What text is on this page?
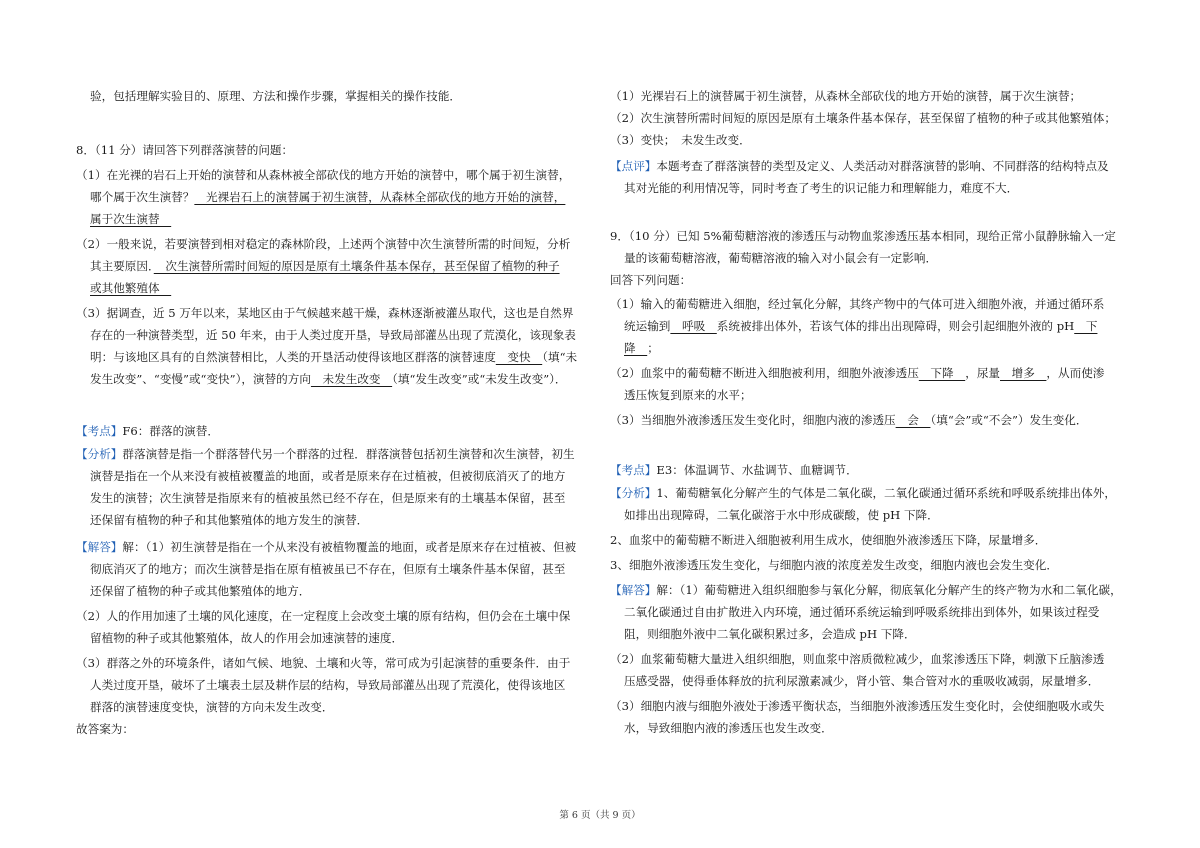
验，包括理解实验目的、原理、方法和操作步骤，掌握相关的操作技能．
8．（11 分）请回答下列群落演替的问题：
（1）在光裸的岩石上开始的演替和从森林被全部砍伐的地方开始的演替中，哪个属于初生演替，
哪个属于次生演替？　光裸岩石上的演替属于初生演替，从森林全部砍伐的地方开始的演替，
属于次生演替　
（2）一般来说，若要演替到相对稳定的森林阶段，上述两个演替中次生演替所需的时间短，分析
其主要原因．　次生演替所需时间短的原因是原有土壤条件基本保存，甚至保留了植物的种子
或其他繁殖体　
（3）据调查，近 5 万年以来，某地区由于气候越来越干燥，森林逐渐被灌丛取代，这也是自然界
存在的一种演替类型，近 50 年来，由于人类过度开垦，导致局部灌丛出现了荒漠化，该现象表
明：与该地区具有的自然演替相比，人类的开垦活动使得该地区群落的演替速度　变快　（填“未
发生改变”、“变慢”或“变快”），演替的方向　未发生改变　（填“发生改变”或“未发生改变”）．
【考点】F6：群落的演替．
【分析】群落演替是指一个群落替代另一个群落的过程．群落演替包括初生演替和次生演替，初生
演替是指在一个从来没有被植被覆盖的地面，或者是原来存在过植被，但被彻底消灭了的地方
发生的演替；次生演替是指原来有的植被虽然已经不存在，但是原来有的土壤基本保留，甚至
还保留有植物的种子和其他繁殖体的地方发生的演替．
【解答】解：（1）初生演替是指在一个从来没有被植物覆盖的地面，或者是原来存在过植被、但被
彻底消灭了的地方；而次生演替是指在原有植被虽已不存在，但原有土壤条件基本保留，甚至
还保留了植物的种子或其他繁殖体的地方．
（2）人的作用加速了土壤的风化速度，在一定程度上会改变土壤的原有结构，但仍会在土壤中保
留植物的种子或其他繁殖体，故人的作用会加速演替的速度．
（3）群落之外的环境条件，诸如气候、地貌、土壤和火等，常可成为引起演替的重要条件．由于
人类过度开垦，破坏了土壤表土层及耕作层的结构，导致局部灌丛出现了荒漠化，使得该地区
群落的演替速度变快，演替的方向未发生改变．
故答案为：
（1）光裸岩石上的演替属于初生演替，从森林全部砍伐的地方开始的演替，属于次生演替；
（2）次生演替所需时间短的原因是原有土壤条件基本保存，甚至保留了植物的种子或其他繁殖体；
（3）变快；　未发生改变．
【点评】本题考查了群落演替的类型及定义、人类活动对群落演替的影响、不同群落的结构特点及
其对光能的利用情况等，同时考查了考生的识记能力和理解能力，难度不大．
9．（10 分）已知 5%葡萄糖溶液的渗透压与动物血浆渗透压基本相同，现给正常小鼠静脉输入一定
量的该葡萄糖溶液，葡萄糖溶液的输入对小鼠会有一定影响．
回答下列问题：
（1）输入的葡萄糖进入细胞，经过氧化分解，其终产物中的气体可进入细胞外液，并通过循环系
统运输到　呼吸　系统被排出体外，若该气体的排出出现障碍，则会引起细胞外液的 pH　下
降　；
（2）血浆中的葡萄糖不断进入细胞被利用，细胞外液渗透压　下降　，尿量　增多　，从而使渗
透压恢复到原来的水平；
（3）当细胞外液渗透压发生变化时，细胞内液的渗透压　会　（填“会”或“不会”）发生变化．
【考点】E3：体温调节、水盐调节、血糖调节．
【分析】1、葡萄糖氧化分解产生的气体是二氧化碳，二氧化碳通过循环系统和呼吸系统排出体外，
如排出出现障碍，二氧化碳溶于水中形成碳酸，使 pH 下降．
2、血浆中的葡萄糖不断进入细胞被利用生成水，使细胞外液渗透压下降，尿量增多．
3、细胞外液渗透压发生变化，与细胞内液的浓度差发生改变，细胞内液也会发生变化．
【解答】解：（1）葡萄糖进入组织细胞参与氧化分解，彻底氧化分解产生的终产物为水和二氧化碳，
二氧化碳通过自由扩散进入内环境，通过循环系统运输到呼吸系统排出到体外，如果该过程受
阻，则细胞外液中二氧化碳积累过多，会造成 pH 下降．
（2）血浆葡萄糖大量进入组织细胞，则血浆中溶质微粒减少，血浆渗透压下降，刺激下丘脑渗透
压感受器，使得垂体释放的抗利尿激素减少，肾小管、集合管对水的重吸收减弱，尿量增多．
（3）细胞内液与细胞外液处于渗透平衡状态，当细胞外液渗透压发生变化时，会使细胞吸水或失
水，导致细胞内液的渗透压也发生改变．
第 6 页（共 9 页）
